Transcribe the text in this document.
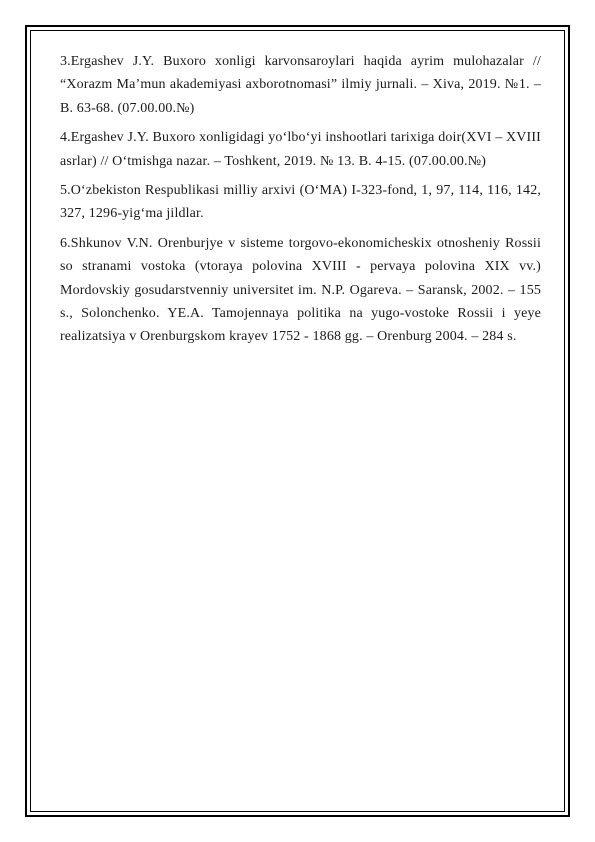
3.Ergashev J.Y. Buxoro xonligi karvonsaroylari haqida ayrim mulohazalar // “Xorazm Ma’mun akademiyasi axborotnomasi” ilmiy jurnali. – Xiva, 2019. №1. –B. 63-68. (07.00.00.№)

4.Ergashev J.Y. Buxoro xonligidagi yo‘lbo‘yi inshootlari tarixiga doir(XVI – XVIII asrlar) // O‘tmishga nazar. – Toshkent, 2019. № 13. B. 4-15. (07.00.00.№)

5.O‘zbekiston Respublikasi milliy arxivi (O‘MA) I-323-fond, 1, 97, 114, 116, 142, 327, 1296-yig‘ma jildlar.

6.Shkunov V.N. Orenburjye v sisteme torgovo-ekonomicheskix otnosheniy Rossii so stranami vostoka (vtoraya polovina XVIII - pervaya polovina XIX vv.) Mordovskiy gosudarstvenniy universitet im. N.P. Ogareva. – Saransk, 2002. – 155 s., Solonchenko. YE.A. Tamojennaya politika na yugo-vostoke Rossii i yeye realizatsiya v Orenburgskom krayev 1752 - 1868 gg. – Orenburg 2004. – 284 s.
